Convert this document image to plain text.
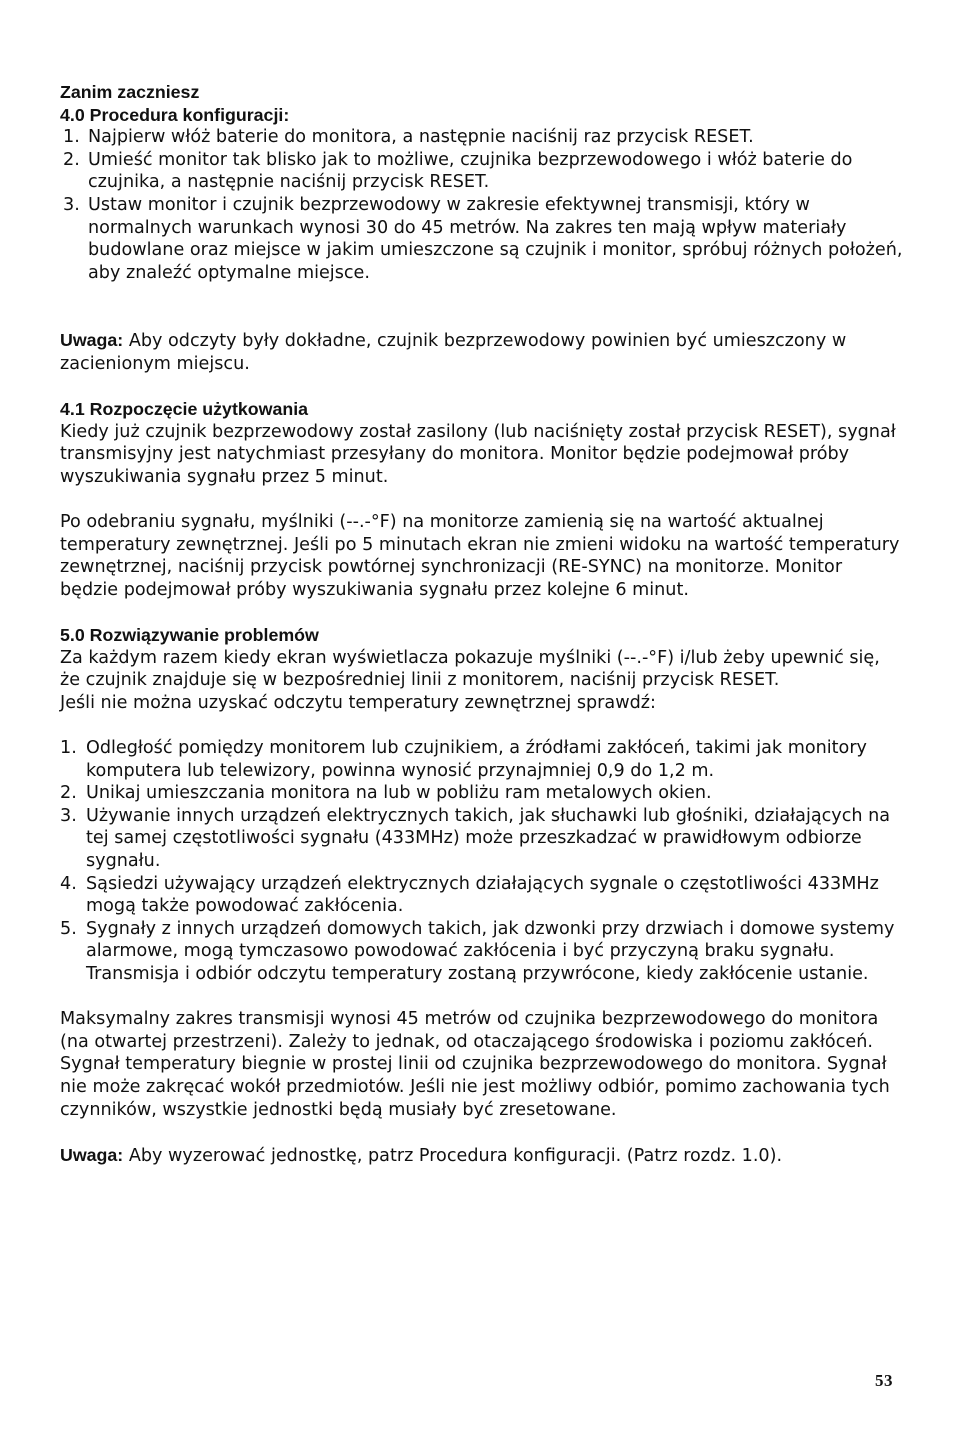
Zanim zaczniesz
4.0 Procedura konfiguracji:
1. Najpierw włóż baterie do monitora, a następnie naciśnij raz przycisk RESET.
2. Umieść monitor tak blisko jak to możliwe, czujnika bezprzewodowego i włóż baterie do czujnika, a następnie naciśnij przycisk RESET.
3. Ustaw monitor i czujnik bezprzewodowy w zakresie efektywnej transmisji, który w normalnych warunkach wynosi 30 do 45 metrów. Na zakres ten mają wpływ materiały budowlane oraz miejsce w jakim umieszczone są czujnik i monitor, spróbuj różnych położeń, aby znaleźć optymalne miejsce.

Uwaga: Aby odczyty były dokładne, czujnik bezprzewodowy powinien być umieszczony w zacienionym miejscu.

4.1 Rozpoczęcie użytkowania

Kiedy już czujnik bezprzewodowy został zasilony (lub naciśnięty został przycisk RESET), sygnał transmisyjny jest natychmiast przesyłany do monitora. Monitor będzie podejmował próby wyszukiwania sygnału przez 5 minut.

Po odebraniu sygnału, myślniki (--.-°F) na monitorze zamienią się na wartość aktualnej temperatury zewnętrznej. Jeśli po 5 minutach ekran nie zmieni widoku na wartość temperatury zewnętrznej, naciśnij przycisk powtórnej synchronizacji (RE-SYNC) na monitorze. Monitor będzie podejmował próby wyszukiwania sygnału przez kolejne 6 minut.

5.0 Rozwiązywanie problemów

Za każdym razem kiedy ekran wyświetlacza pokazuje myślniki (--.-°F) i/lub żeby upewnić się, że czujnik znajduje się w bezpośredniej linii z monitorem, naciśnij przycisk RESET.

Jeśli nie można uzyskać odczytu temperatury zewnętrznej sprawdź:

1. Odległość pomiędzy monitorem lub czujnikiem, a źródłami zakłóceń, takimi jak monitory komputera lub telewizory, powinna wynosić przynajmniej 0,9 do 1,2 m.
2. Unikaj umieszczania monitora na lub w pobliżu ram metalowych okien.
3. Używanie innych urządzeń elektrycznych takich, jak słuchawki lub głośniki, działających na tej samej częstotliwości sygnału (433MHz) może przeszkadzać w prawidłowym odbiorze sygnału.
4. Sąsiedzi używający urządzeń elektrycznych działających sygnale o częstotliwości 433MHz mogą także powodować zakłócenia.
5. Sygnały z innych urządzeń domowych takich, jak dzwonki przy drzwiach i domowe systemy alarmowe, mogą tymczasowo powodować zakłócenia i być przyczyną braku sygnału. Transmisja i odbiór odczytu temperatury zostaną przywrócone, kiedy zakłócenie ustanie.

Maksymalny zakres transmisji wynosi 45 metrów od czujnika bezprzewodowego do monitora (na otwartej przestrzeni). Zależy to jednak, od otaczającego środowiska i poziomu zakłóceń. Sygnał temperatury biegnie w prostej linii od czujnika bezprzewodowego do monitora. Sygnał nie może zakręcać wokół przedmiotów. Jeśli nie jest możliwy odbiór, pomimo zachowania tych czynników, wszystkie jednostki będą musiały być zresetowane.

Uwaga: Aby wyzerować jednostkę, patrz Procedura konfiguracji. (Patrz rozdz. 1.0).

53
